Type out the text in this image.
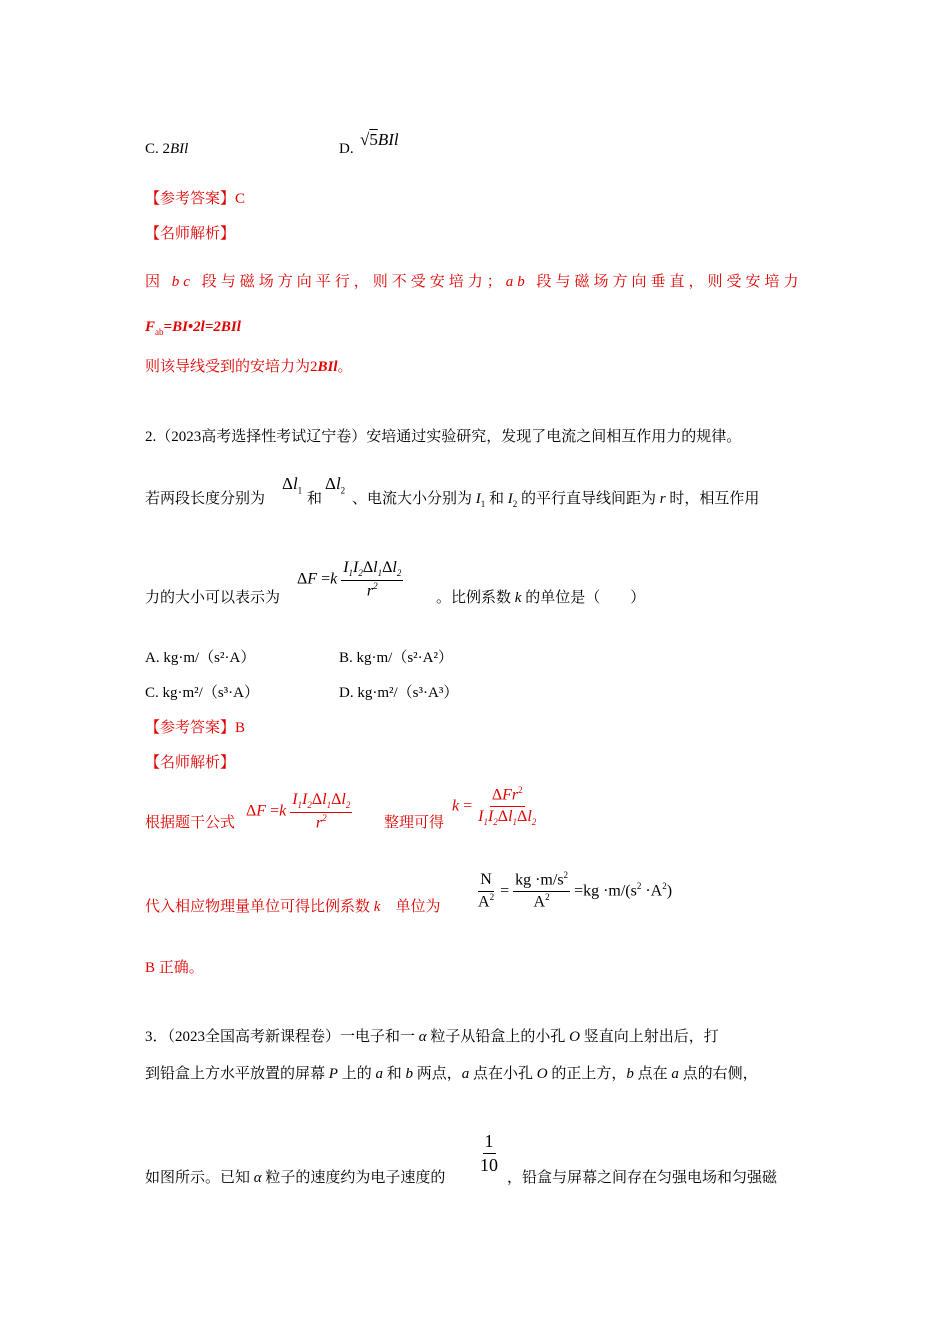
C. 2BIl	D. √5BIl
【参考答案】C
【名师解析】
因 bc 段与磁场方向平行，则不受安培力；ab 段与磁场方向垂直，则受安培力
$F_{ab}=BI•2l=2BIl$
则该导线受到的安培力为2BIl。
2.（2023高考选择性考试辽宁卷）安培通过实验研究，发现了电流之间相互作用力的规律。
若两段长度分别为
$\Delta l_1$
和
$\Delta l_2$
、电流大小分别为 $I_1$ 和 $I_2$ 的平行直导线间距为 r 时，相互作用
力的大小可以表示为
$\Delta F =k \frac{I_1I_2\Delta l_1\Delta l_2}{r^2}$ 。比例系数 k 的单位是（　　）
A. kg·m/（s²·A）	B. kg·m/（s²·A²）
C. kg·m²/（s³·A）	D. kg·m²/（s³·A³）
【参考答案】B
【名师解析】
根据题干公式
$\Delta F =k \frac{I_1I_2\Delta l_1\Delta l_2}{r^2}$ 整理可得
$k = \frac{\Delta Fr^2}{I_1I_2\Delta l_1\Delta l_2}$
代入相应物理量单位可得比例系数 k　单位为 $\frac{N}{A^2} = \frac{kg \cdot m/s^2}{A^2} =kg \cdot m/(s^2 \cdot A^2)$
B 正确。
3．（2023全国高考新课程卷）一电子和一 α 粒子从铅盒上的小孔 O 竖直向上射出后，打
到铅盒上方水平放置的屏幕 P 上的 a 和 b 两点，a 点在小孔 O 的正上方，b 点在 a 点的右侧，
如图所示。已知 α 粒子的速度约为电子速度的
$\frac{1}{10}$
，铅盒与屏幕之间存在匀强电场和匀强磁
